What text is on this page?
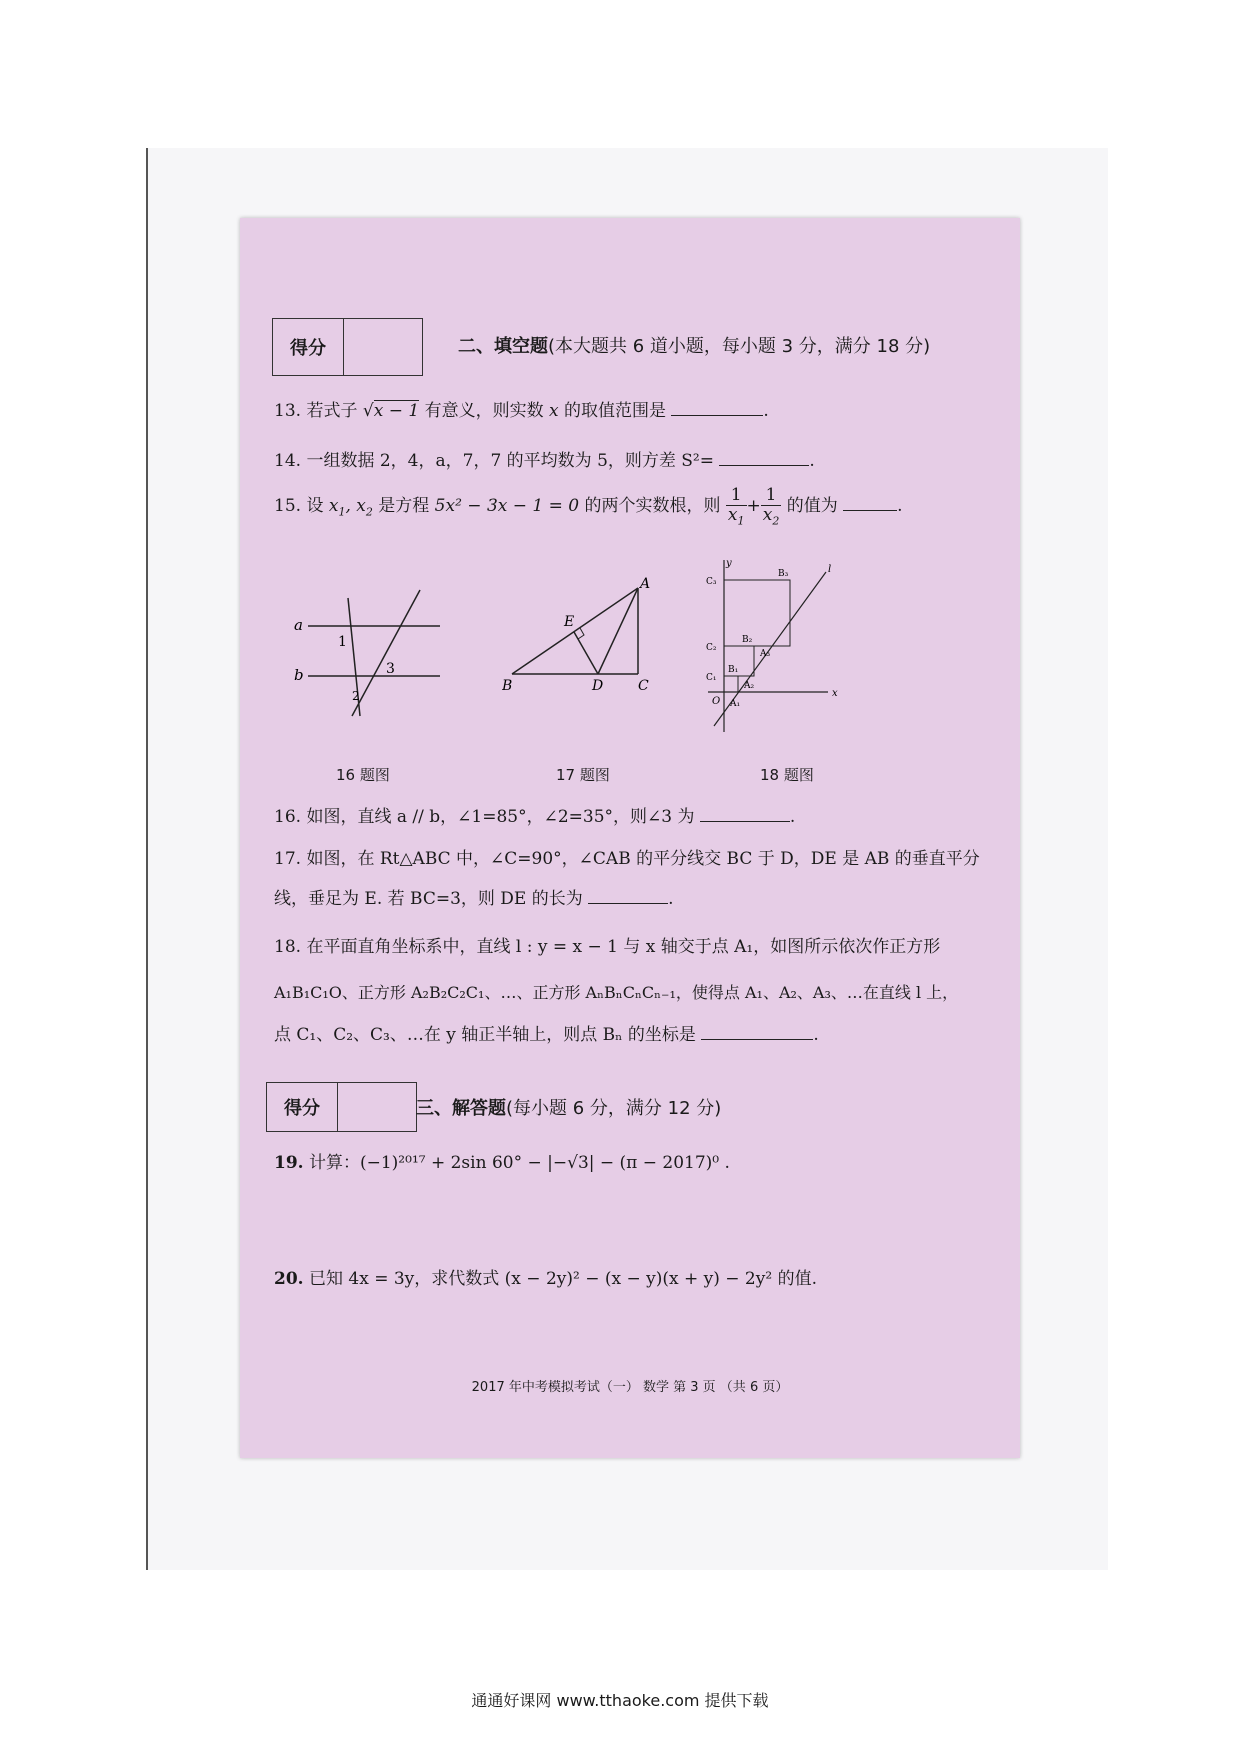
得分	二、填空题(本大题共 6 道小题，每小题 3 分，满分 18 分)
13. 若式子 √x − 1 有意义，则实数 x 的取值范围是	.
14. 一组数据 2，4，a，7，7 的平均数为 5，则方差 S²=	.
15. 设 $x_1$, $x_2$ 是方程 5x² − 3x − 1 = 0 的两个实数根，则 $\frac{1}{x_1} + \frac{1}{x_2}$ 的值为	.
a
b
1
3
2
16 题图
A
E
B	D C
17 题图
y
x
O
l
C₃
B₃
C₂
B₂
C₁
B₁
A₁
A₂
A₃
18 题图
16. 如图，直线 a // b，∠1=85°，∠2=35°，则∠3 为	.
17. 如图，在 Rt△ABC 中，∠C=90°，∠CAB 的平分线交 BC 于 D，DE 是 AB 的垂直平分
线，垂足为 E. 若 BC=3，则 DE 的长为	.
18. 在平面直角坐标系中，直线 l : y = x − 1 与 x 轴交于点 A₁，如图所示依次作正方形
A₁B₁C₁O、正方形 A₂B₂C₂C₁、…、正方形 AₙBₙCₙCₙ₋₁，使得点 A₁、A₂、A₃、…在直线 l 上，
点 C₁、C₂、C₃、…在 y 轴正半轴上，则点 Bₙ 的坐标是	.
得分	三、解答题(每小题 6 分，满分 12 分)
19. 计算：(−1)²⁰¹⁷ + 2sin 60° − |−√3| − (π − 2017)⁰ .
20. 已知 4x = 3y，求代数式 (x − 2y)² − (x − y)(x + y) − 2y² 的值.
2017 年中考模拟考试（一） 数学 第 3 页 （共 6 页）
通通好课网 www.tthaoke.com 提供下载
